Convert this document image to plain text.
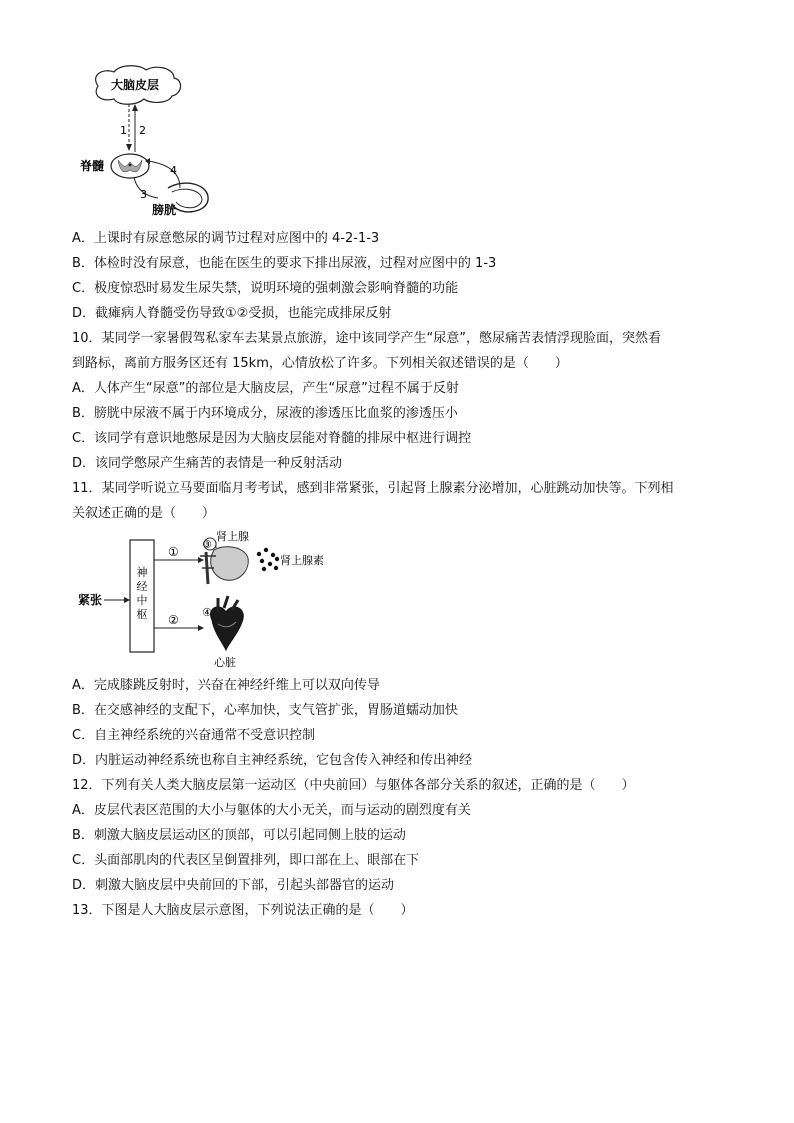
大脑皮层
1 2
脊髓	4
3
膀胱
A．上课时有尿意憋尿的调节过程对应图中的 4-2-1-3
B．体检时没有尿意，也能在医生的要求下排出尿液，过程对应图中的 1-3
C．极度惊恐时易发生尿失禁，说明环境的强刺激会影响脊髓的功能
D．截瘫病人脊髓受伤导致①②受损，也能完成排尿反射
10．某同学一家暑假驾私家车去某景点旅游，途中该同学产生“尿意”，憋尿痛苦表情浮现脸面，突然看
到路标，离前方服务区还有 15km，心情放松了许多。下列相关叙述错误的是（　　）
A．人体产生“尿意”的部位是大脑皮层，产生“尿意”过程不属于反射
B．膀胱中尿液不属于内环境成分，尿液的渗透压比血浆的渗透压小
C．该同学有意识地憋尿是因为大脑皮层能对脊髓的排尿中枢进行调控
D．该同学憋尿产生痛苦的表情是一种反射活动
11．某同学听说立马要面临月考考试，感到非常紧张，引起肾上腺素分泌增加，心脏跳动加快等。下列相
关叙述正确的是（　　）
紧张
神
经
中
枢
①
②
③
肾上腺
肾上腺素
④
心脏
A．完成膝跳反射时，兴奋在神经纤维上可以双向传导
B．在交感神经的支配下，心率加快，支气管扩张，胃肠道蠕动加快
C．自主神经系统的兴奋通常不受意识控制
D．内脏运动神经系统也称自主神经系统，它包含传入神经和传出神经
12．下列有关人类大脑皮层第一运动区（中央前回）与躯体各部分关系的叙述，正确的是（　　）
A．皮层代表区范围的大小与躯体的大小无关，而与运动的剧烈度有关
B．刺激大脑皮层运动区的顶部，可以引起同侧上肢的运动
C．头面部肌肉的代表区呈倒置排列，即口部在上、眼部在下
D．刺激大脑皮层中央前回的下部，引起头部器官的运动
13．下图是人大脑皮层示意图，下列说法正确的是（　　）
